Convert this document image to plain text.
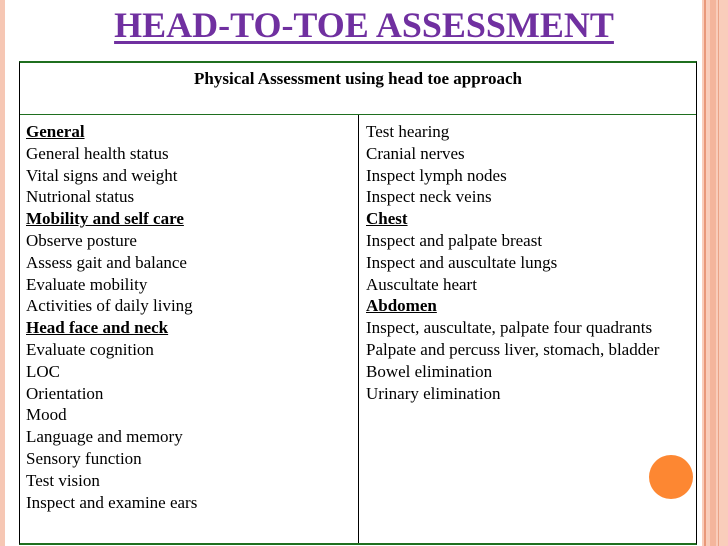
HEAD-TO-TOE ASSESSMENT
Physical Assessment using head toe approach
General
General health status
Vital signs and weight
Nutrional status
Mobility and self care
Observe posture
Assess gait and balance
Evaluate mobility
Activities of daily living
Head face and neck
Evaluate cognition
LOC
Orientation
Mood
Language and memory
Sensory function
Test vision
Inspect and examine ears
Test hearing
Cranial nerves
Inspect lymph nodes
Inspect neck veins
Chest
Inspect and palpate breast
Inspect and auscultate lungs
Auscultate heart
Abdomen
Inspect, auscultate, palpate four quadrants
Palpate and percuss liver, stomach, bladder
Bowel elimination
Urinary elimination
